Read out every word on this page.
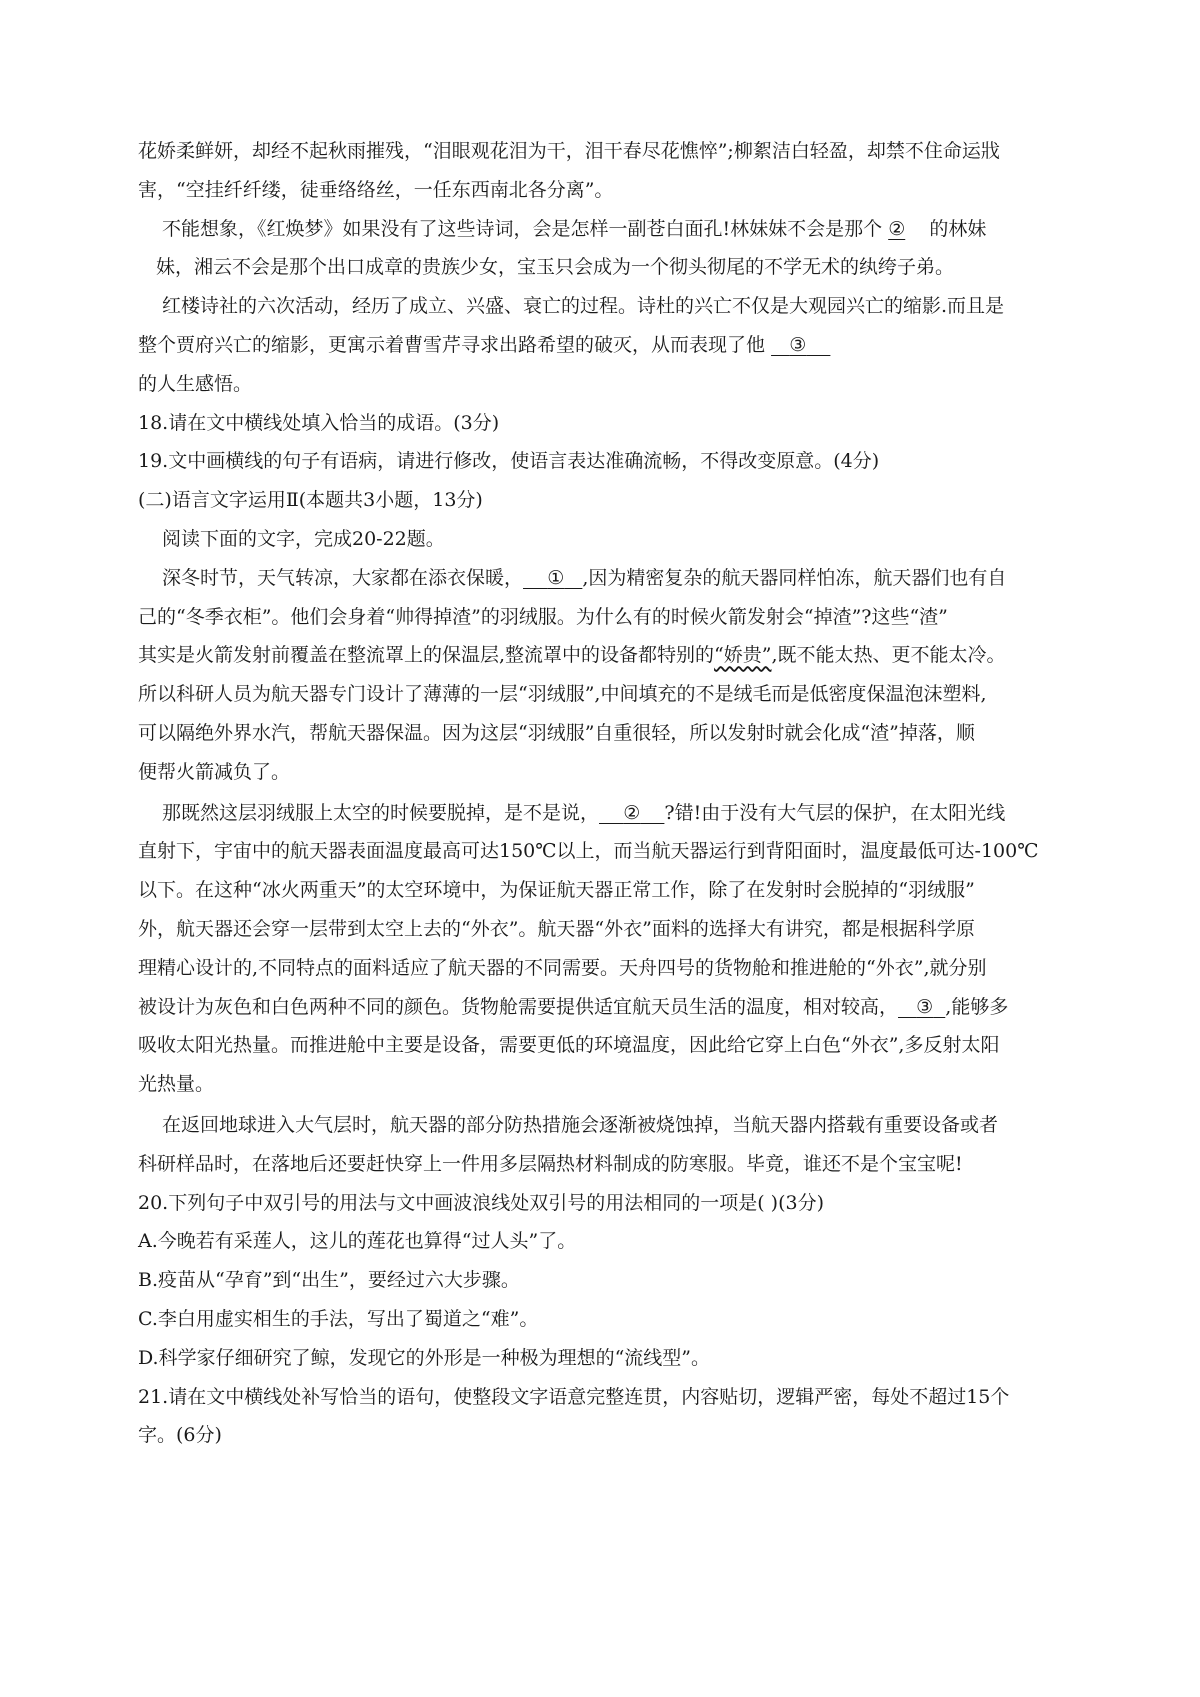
花娇柔鲜妍，却经不起秋雨摧残，“泪眼观花泪为干，泪干春尽花憔悴”;柳絮洁白轻盈，却禁不住命运戕

害，“空挂纤纤缕，徒垂络络丝，一任东西南北各分离”。

不能想象，《红焕梦》如果没有了这些诗词，会是怎样一副苍白面孔!林妹妹不会是那个 ② 的林妹

妹，湘云不会是那个出口成章的贵族少女，宝玉只会成为一个彻头彻尾的不学无术的纨绔子弟。

红楼诗社的六次活动，经历了成立、兴盛、衰亡的过程。诗杜的兴亡不仅是大观园兴亡的缩影.而且是

整个贾府兴亡的缩影，更寓示着曹雪芹寻求出路希望的破灭，从而表现了他 ③

的人生感悟。

18.请在文中横线处填入恰当的成语。(3分)

19.文中画横线的句子有语病，请进行修改，使语言表达准确流畅，不得改变原意。(4分)

(二)语言文字运用Ⅱ(本题共3小题，13分)

阅读下面的文字，完成20-22题。

深冬时节，天气转凉，大家都在添衣保暖， ① ,因为精密复杂的航天器同样怕冻，航天器们也有自

己的“冬季衣柜”。他们会身着“帅得掉渣”的羽绒服。为什么有的时候火箭发射会“掉渣”?这些“渣”

其实是火箭发射前覆盖在整流罩上的保温层,整流罩中的设备都特别的“娇贵”,既不能太热、更不能太冷。

所以科研人员为航天器专门设计了薄薄的一层“羽绒服”,中间填充的不是绒毛而是低密度保温泡沫塑料,

可以隔绝外界水汽，帮航天器保温。因为这层“羽绒服”自重很轻，所以发射时就会化成“渣”掉落，顺

便帮火箭减负了。

那既然这层羽绒服上太空的时候要脱掉，是不是说， ② ?错!由于没有大气层的保护，在太阳光线

直射下，宇宙中的航天器表面温度最高可达150℃以上，而当航天器运行到背阳面时，温度最低可达-100℃

以下。在这种“冰火两重天”的太空环境中，为保证航天器正常工作，除了在发射时会脱掉的“羽绒服”

外，航天器还会穿一层带到太空上去的“外衣”。航天器“外衣”面料的选择大有讲究，都是根据科学原

理精心设计的,不同特点的面料适应了航天器的不同需要。天舟四号的货物舱和推进舱的“外衣”,就分别

被设计为灰色和白色两种不同的颜色。货物舱需要提供适宜航天员生活的温度，相对较高， ③ ,能够多

吸收太阳光热量。而推进舱中主要是设备，需要更低的环境温度，因此给它穿上白色“外衣”,多反射太阳

光热量。

在返回地球进入大气层时，航天器的部分防热措施会逐渐被烧蚀掉，当航天器内搭载有重要设备或者

科研样品时，在落地后还要赶快穿上一件用多层隔热材料制成的防寒服。毕竟，谁还不是个宝宝呢!

20.下列句子中双引号的用法与文中画波浪线处双引号的用法相同的一项是( )(3分)

A.今晚若有采莲人，这儿的莲花也算得“过人头”了。

B.疫苗从“孕育”到“出生”，要经过六大步骤。

C.李白用虚实相生的手法，写出了蜀道之“难”。

D.科学家仔细研究了鲸，发现它的外形是一种极为理想的“流线型”。

21.请在文中横线处补写恰当的语句，使整段文字语意完整连贯，内容贴切，逻辑严密，每处不超过15个

字。(6分)
